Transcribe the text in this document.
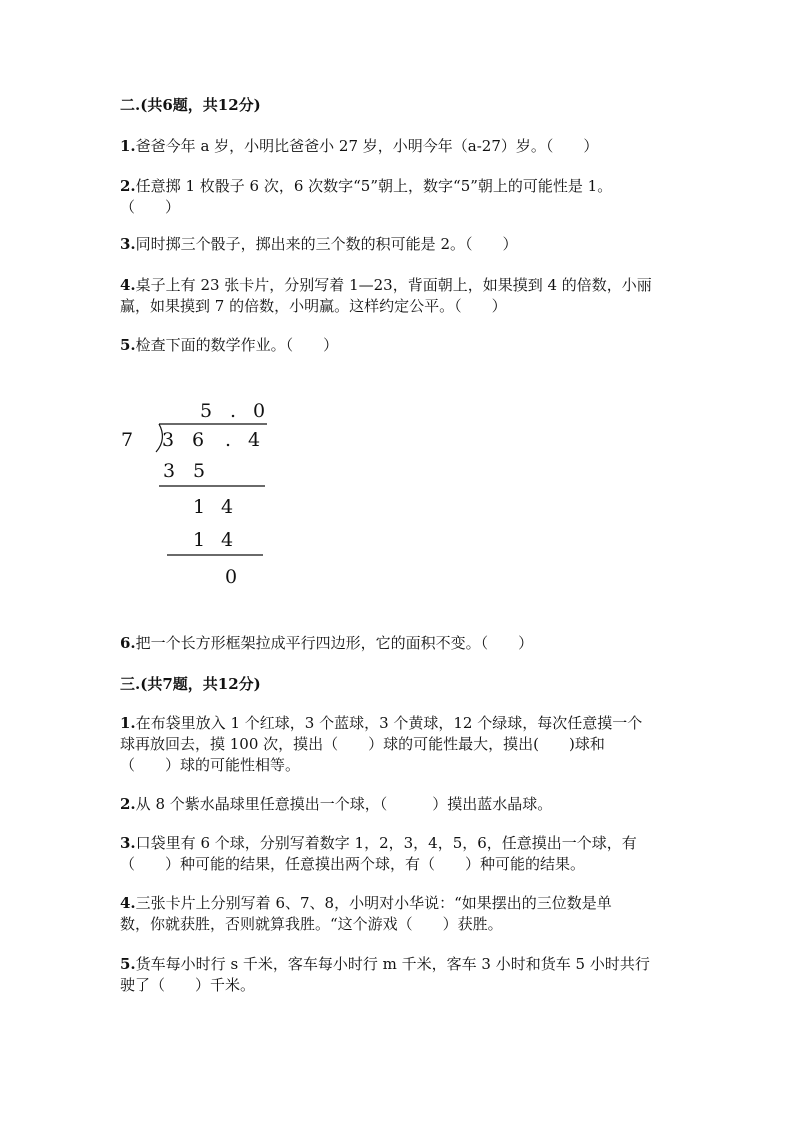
二.(共6题，共12分)
1.爸爸今年 a 岁，小明比爸爸小 27 岁，小明今年（a-27）岁。（　　）
2.任意掷 1 枚骰子 6 次，6 次数字“5”朝上，数字“5”朝上的可能性是 1。
（　　）
3.同时掷三个骰子，掷出来的三个数的积可能是 2。（　　）
4.桌子上有 23 张卡片，分别写着 1—23，背面朝上，如果摸到 4 的倍数，小丽
赢，如果摸到 7 的倍数，小明赢。这样约定公平。（　　）
5.检查下面的数学作业。（　　）
5 . 0
7 3 6 . 4
3 5
1 4
1 4
0
6.把一个长方形框架拉成平行四边形，它的面积不变。（　　）
三.(共7题，共12分)
1.在布袋里放入 1 个红球，3 个蓝球，3 个黄球，12 个绿球，每次任意摸一个
球再放回去，摸 100 次，摸出（　　）球的可能性最大，摸出(　　)球和
（　　）球的可能性相等。
2.从 8 个紫水晶球里任意摸出一个球，（　　　）摸出蓝水晶球。
3.口袋里有 6 个球，分别写着数字 1，2，3，4，5，6，任意摸出一个球，有
（　　）种可能的结果，任意摸出两个球，有（　　）种可能的结果。
4.三张卡片上分别写着 6、7、8，小明对小华说：“如果摆出的三位数是单
数，你就获胜，否则就算我胜。“这个游戏（　　）获胜。
5.货车每小时行 s 千米，客车每小时行 m 千米，客车 3 小时和货车 5 小时共行
驶了（　　）千米。
